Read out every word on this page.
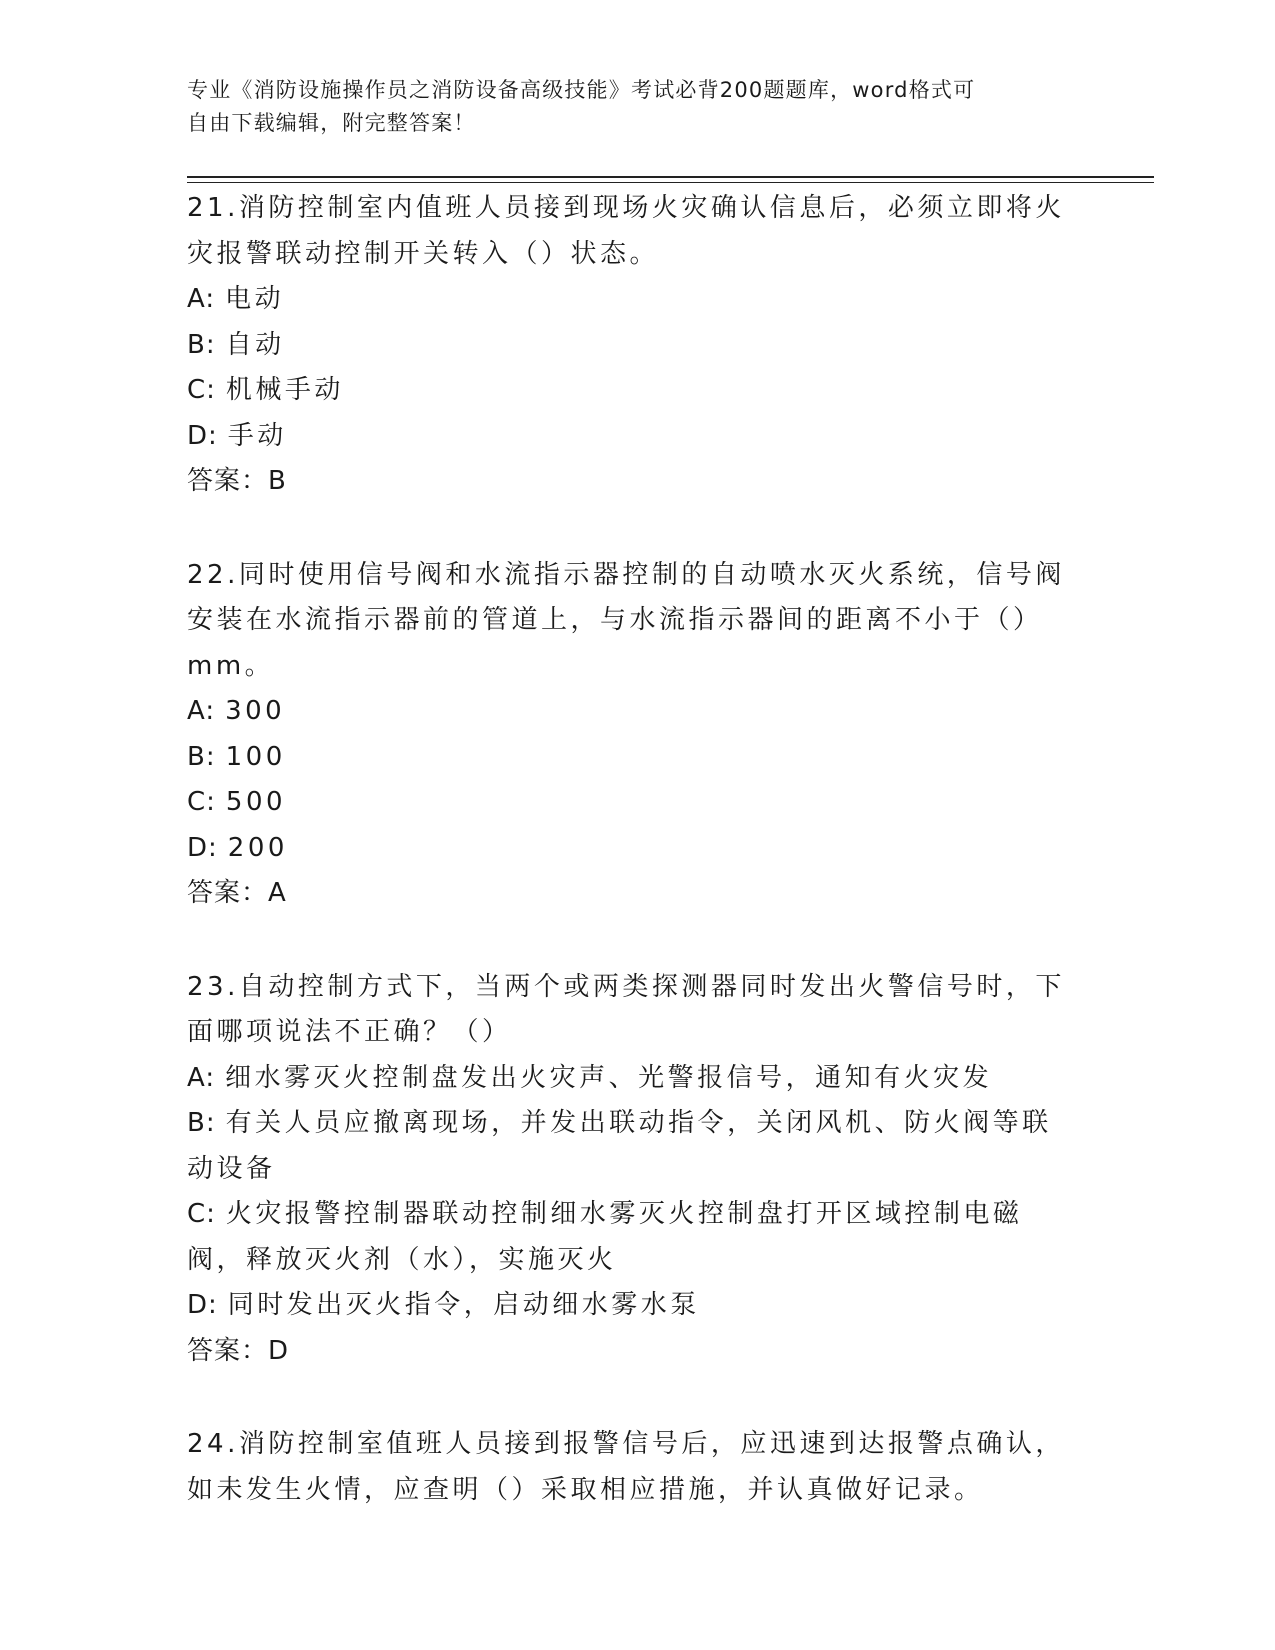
专业《消防设施操作员之消防设备高级技能》考试必背200题题库，word格式可
自由下载编辑，附完整答案！
21.消防控制室内值班人员接到现场火灾确认信息后，必须立即将火灾报警联动控制开关转入（）状态。
A: 电动
B: 自动
C: 机械手动
D: 手动
答案：B
22.同时使用信号阀和水流指示器控制的自动喷水灭火系统，信号阀安装在水流指示器前的管道上，与水流指示器间的距离不小于（）mm。
A: 300
B: 100
C: 500
D: 200
答案：A
23.自动控制方式下，当两个或两类探测器同时发出火警信号时，下面哪项说法不正确？（）
A: 细水雾灭火控制盘发出火灾声、光警报信号，通知有火灾发
B: 有关人员应撤离现场，并发出联动指令，关闭风机、防火阀等联动设备
C: 火灾报警控制器联动控制细水雾灭火控制盘打开区域控制电磁阀，释放灭火剂（水），实施灭火
D: 同时发出灭火指令，启动细水雾水泵
答案：D
24.消防控制室值班人员接到报警信号后，应迅速到达报警点确认，如未发生火情，应查明（）采取相应措施，并认真做好记录。
